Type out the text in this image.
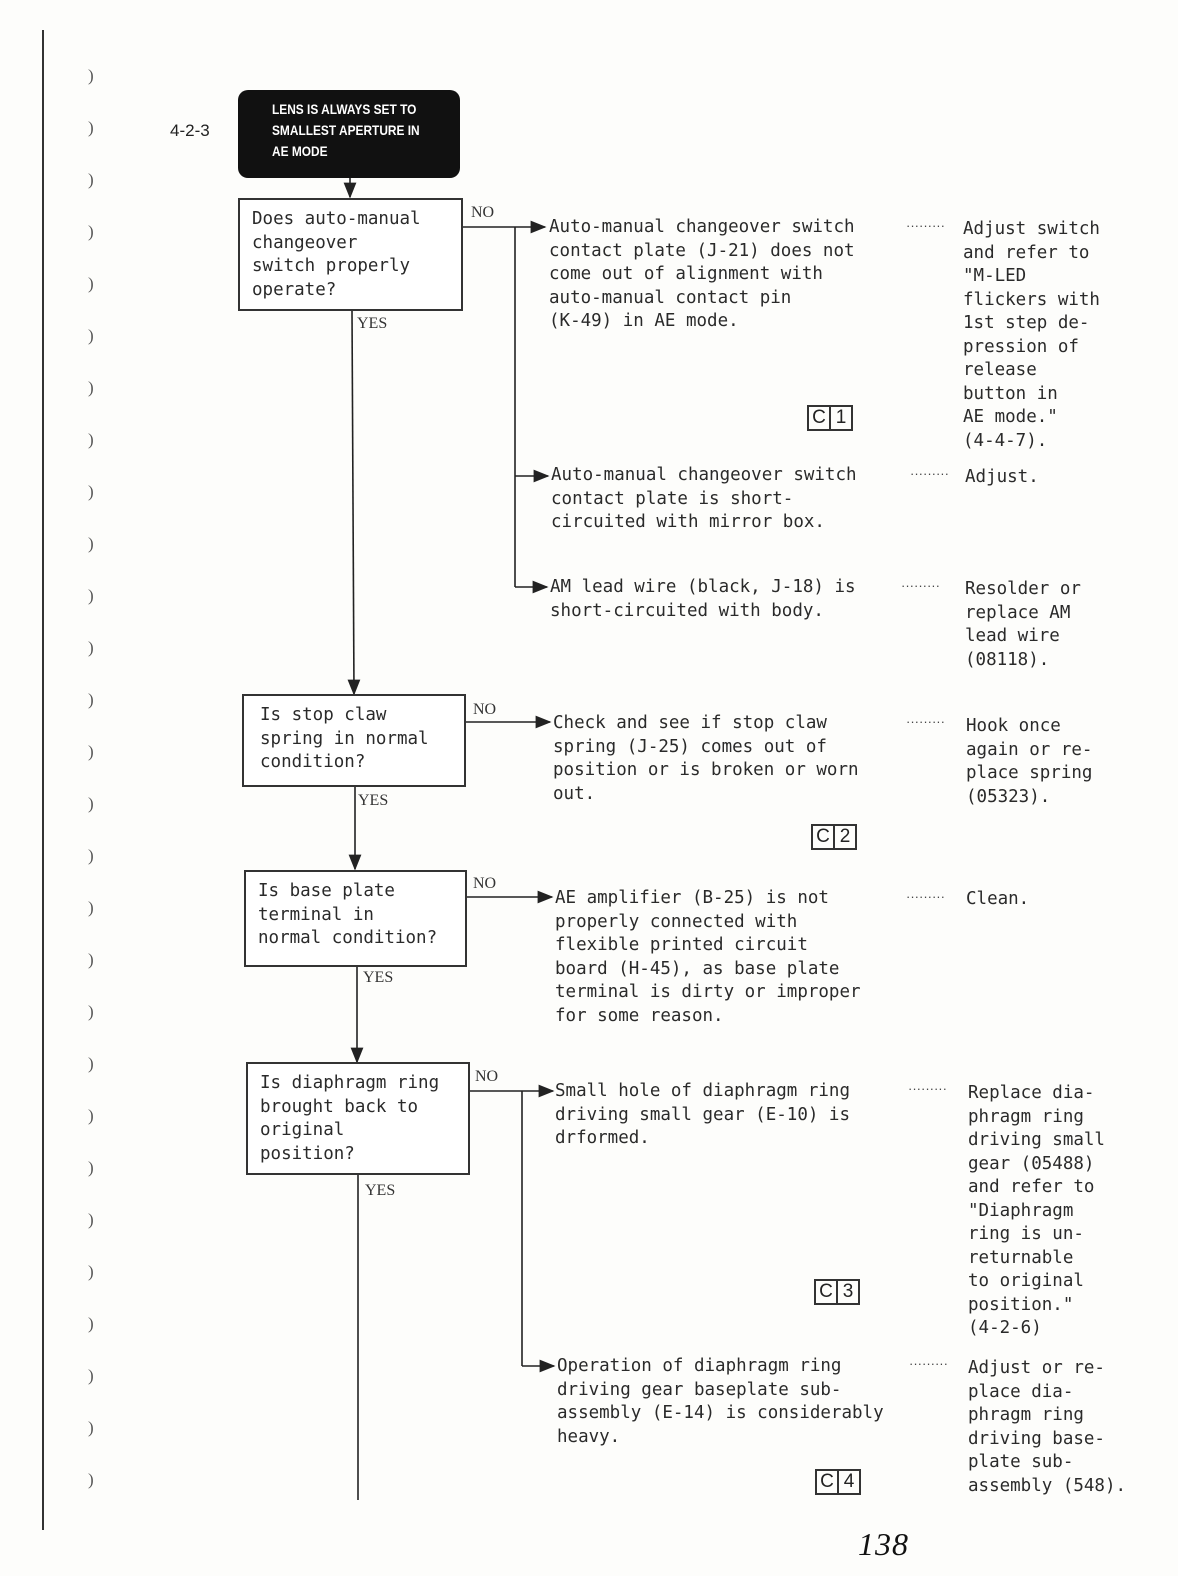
)
)
)
)
)
)
)
)
)
)
)
)
)
)
)
)
)
)
)
)
)
)
)
)
)
)
)
)
4-2-3
LENS IS ALWAYS SET TO
SMALLEST APERTURE IN
AE MODE
Does auto-manual
changeover
switch properly
operate?
Is stop claw
spring in normal
condition?
Is base plate
terminal in
normal condition?
Is diaphragm ring
brought back to
original
position?
NO
YES
NO
YES
NO
YES
NO
YES
Auto-manual changeover switch
contact plate (J-21) does not
come out of alignment with
auto-manual contact pin
(K-49) in AE mode.
Auto-manual changeover switch
contact plate is short-
circuited with mirror box.
AM lead wire (black, J-18) is
short-circuited with body.
Check and see if stop claw
spring (J-25) comes out of
position or is broken or worn
out.
AE amplifier (B-25) is not
properly connected with
flexible printed circuit
board (H-45), as base plate
terminal is dirty or improper
for some reason.
Small hole of diaphragm ring
driving small gear (E-10) is
drformed.
Operation of diaphragm ring
driving gear baseplate sub-
assembly (E-14) is considerably
heavy.
·········
·········
·········
·········
·········
·········
·········
Adjust switch
and refer to
"M-LED
flickers with
1st step de-
pression of
release
button in
AE mode."
(4-4-7).
Adjust.
Resolder or
replace AM
lead wire
(08118).
Hook once
again or re-
place spring
(05323).
Clean.
Replace dia-
phragm ring
driving small
gear (05488)
and refer to
"Diaphragm
ring is un-
returnable
to original
position."
(4-2-6)
Adjust or re-
place dia-
phragm ring
driving base-
plate sub-
assembly (548).
C 1
C 2
C 3
C 4
138
